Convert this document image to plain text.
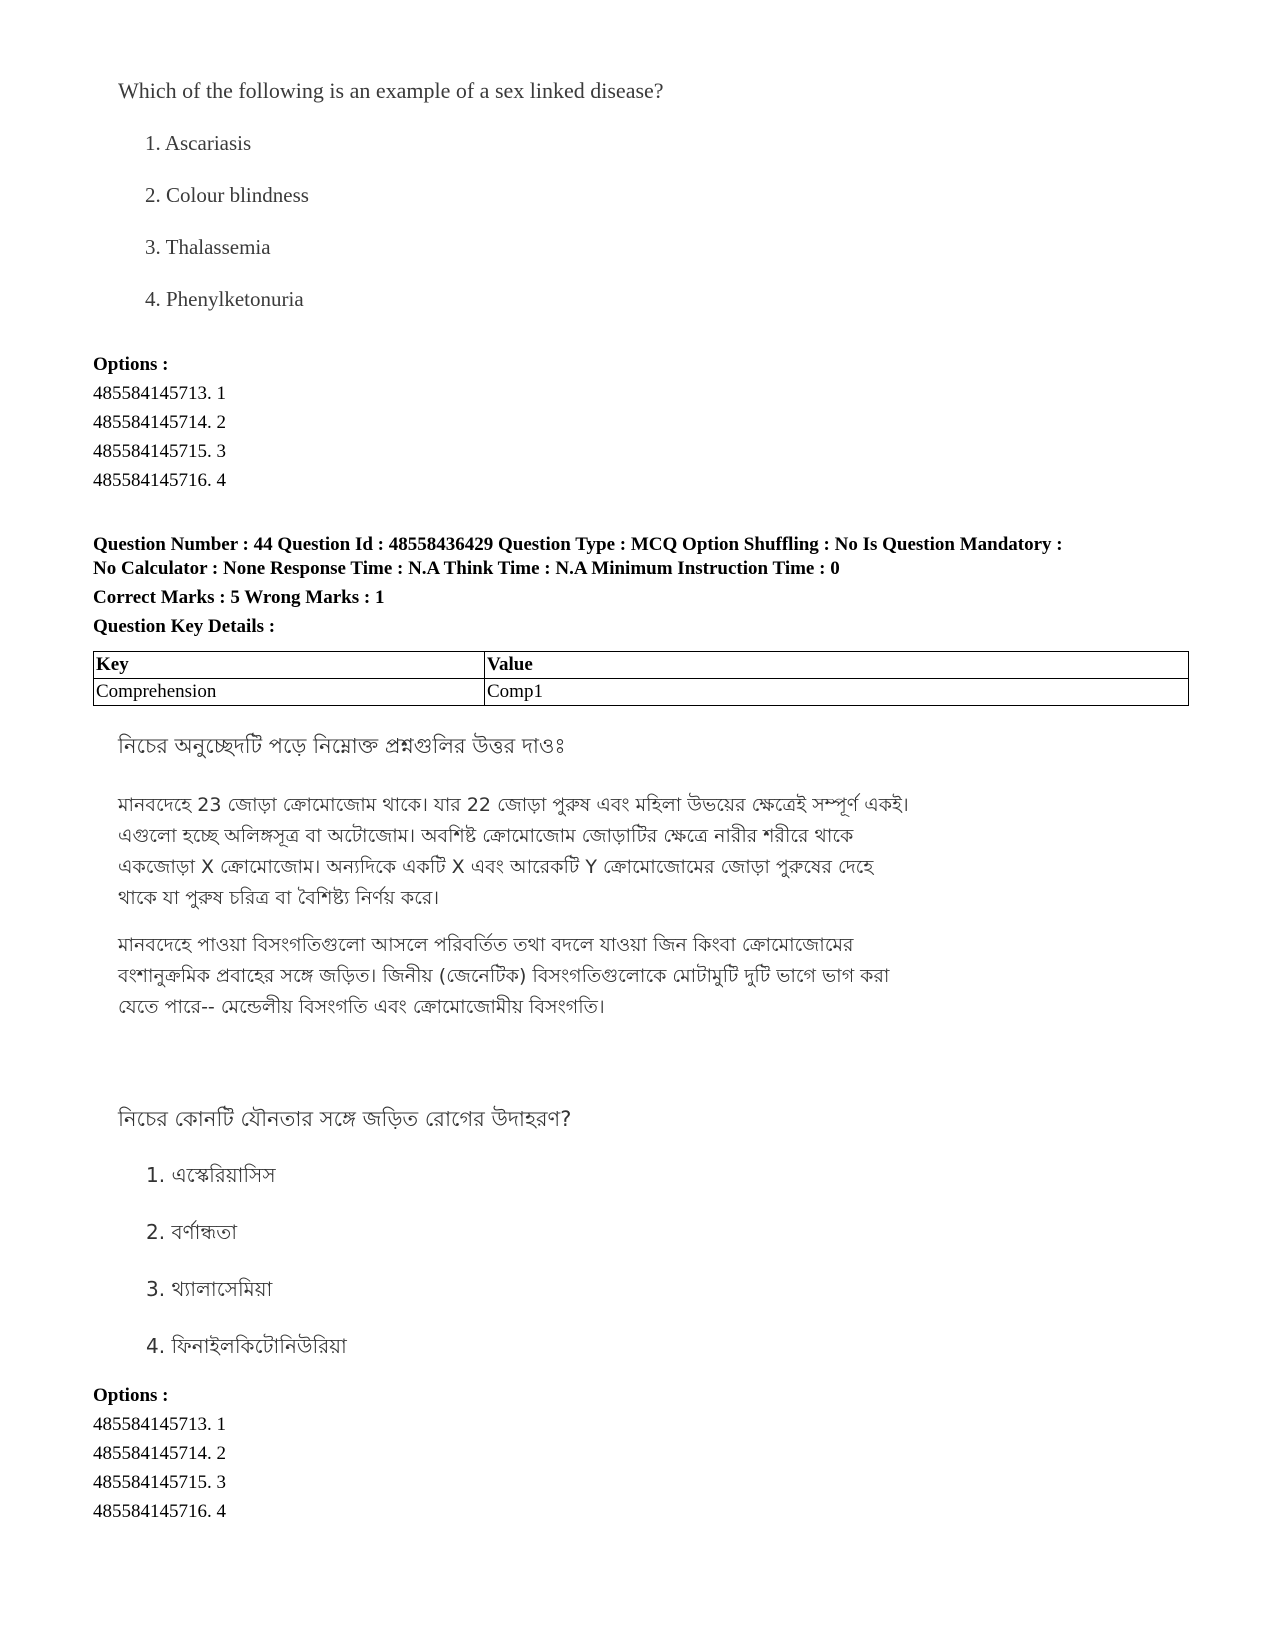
Which of the following is an example of a sex linked disease?

1. Ascariasis
2. Colour blindness
3. Thalassemia
4. Phenylketonuria

Options :

485584145713. 1

485584145714. 2

485584145715. 3

485584145716. 4

Question Number : 44 Question Id : 48558436429 Question Type : MCQ Option Shuffling : No Is Question Mandatory :
No Calculator : None Response Time : N.A Think Time : N.A Minimum Instruction Time : 0
Correct Marks : 5 Wrong Marks : 1
Question Key Details :
Key	Value
Comprehension	Comp1
নিচের অনুচ্ছেদটি পড়ে নিম্নোক্ত প্রশ্নগুলির উত্তর দাওঃ
মানবদেহে 23 জোড়া ক্রোমোজোম থাকে। যার 22 জোড়া পুরুষ এবং মহিলা উভয়ের ক্ষেত্রেই সম্পূর্ণ একই।
এগুলো হচ্ছে অলিঙ্গসূত্র বা অটোজোম। অবশিষ্ট ক্রোমোজোম জোড়াটির ক্ষেত্রে নারীর শরীরে থাকে
একজোড়া X ক্রোমোজোম। অন্যদিকে একটি X এবং আরেকটি Y ক্রোমোজোমের জোড়া পুরুষের দেহে
থাকে যা পুরুষ চরিত্র বা বৈশিষ্ট্য নির্ণয় করে।
মানবদেহে পাওয়া বিসংগতিগুলো আসলে পরিবর্তিত তথা বদলে যাওয়া জিন কিংবা ক্রোমোজোমের
বংশানুক্রমিক প্রবাহের সঙ্গে জড়িত। জিনীয় (জেনেটিক) বিসংগতিগুলোকে মোটামুটি দুটি ভাগে ভাগ করা
যেতে পারে-- মেন্ডেলীয় বিসংগতি এবং ক্রোমোজোমীয় বিসংগতি।
নিচের কোনটি যৌনতার সঙ্গে জড়িত রোগের উদাহরণ?
1. এস্কেরিয়াসিস
2. বর্ণান্ধতা
3. থ্যালাসেমিয়া
4. ফিনাইলকিটোনিউরিয়া

Options :

485584145713. 1

485584145714. 2

485584145715. 3

485584145716. 4
